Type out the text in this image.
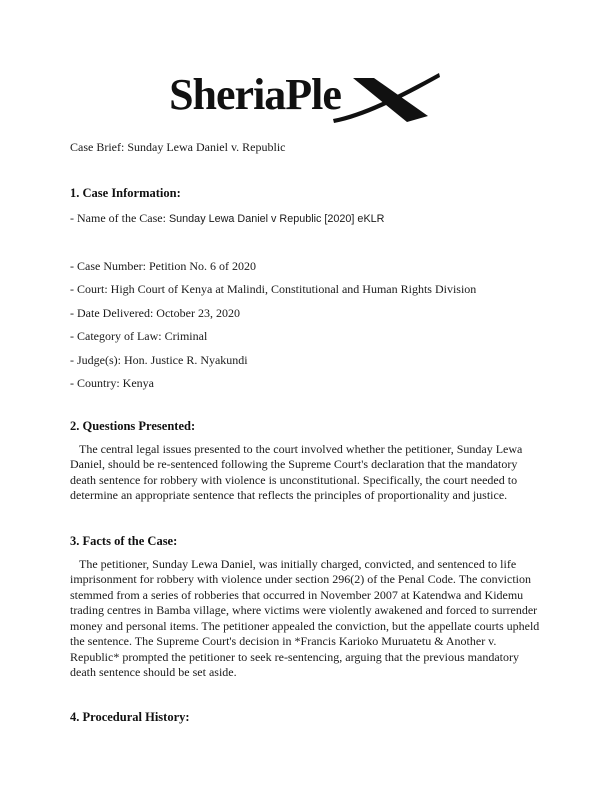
SheriaPle

Case Brief: Sunday Lewa Daniel v. Republic

1. Case Information:

- Name of the Case: Sunday Lewa Daniel v Republic [2020] eKLR

- Case Number: Petition No. 6 of 2020

- Court: High Court of Kenya at Malindi, Constitutional and Human Rights Division

- Date Delivered: October 23, 2020

- Category of Law: Criminal

- Judge(s): Hon. Justice R. Nyakundi

- Country: Kenya

2. Questions Presented:

The central legal issues presented to the court involved whether the petitioner, Sunday Lewa Daniel, should be re-sentenced following the Supreme Court's declaration that the mandatory death sentence for robbery with violence is unconstitutional. Specifically, the court needed to determine an appropriate sentence that reflects the principles of proportionality and justice.

3. Facts of the Case:

The petitioner, Sunday Lewa Daniel, was initially charged, convicted, and sentenced to life imprisonment for robbery with violence under section 296(2) of the Penal Code. The conviction stemmed from a series of robberies that occurred in November 2007 at Katendwa and Kidemu trading centres in Bamba village, where victims were violently awakened and forced to surrender money and personal items. The petitioner appealed the conviction, but the appellate courts upheld the sentence. The Supreme Court's decision in *Francis Karioko Muruatetu & Another v. Republic* prompted the petitioner to seek re-sentencing, arguing that the previous mandatory death sentence should be set aside.

4. Procedural History:
